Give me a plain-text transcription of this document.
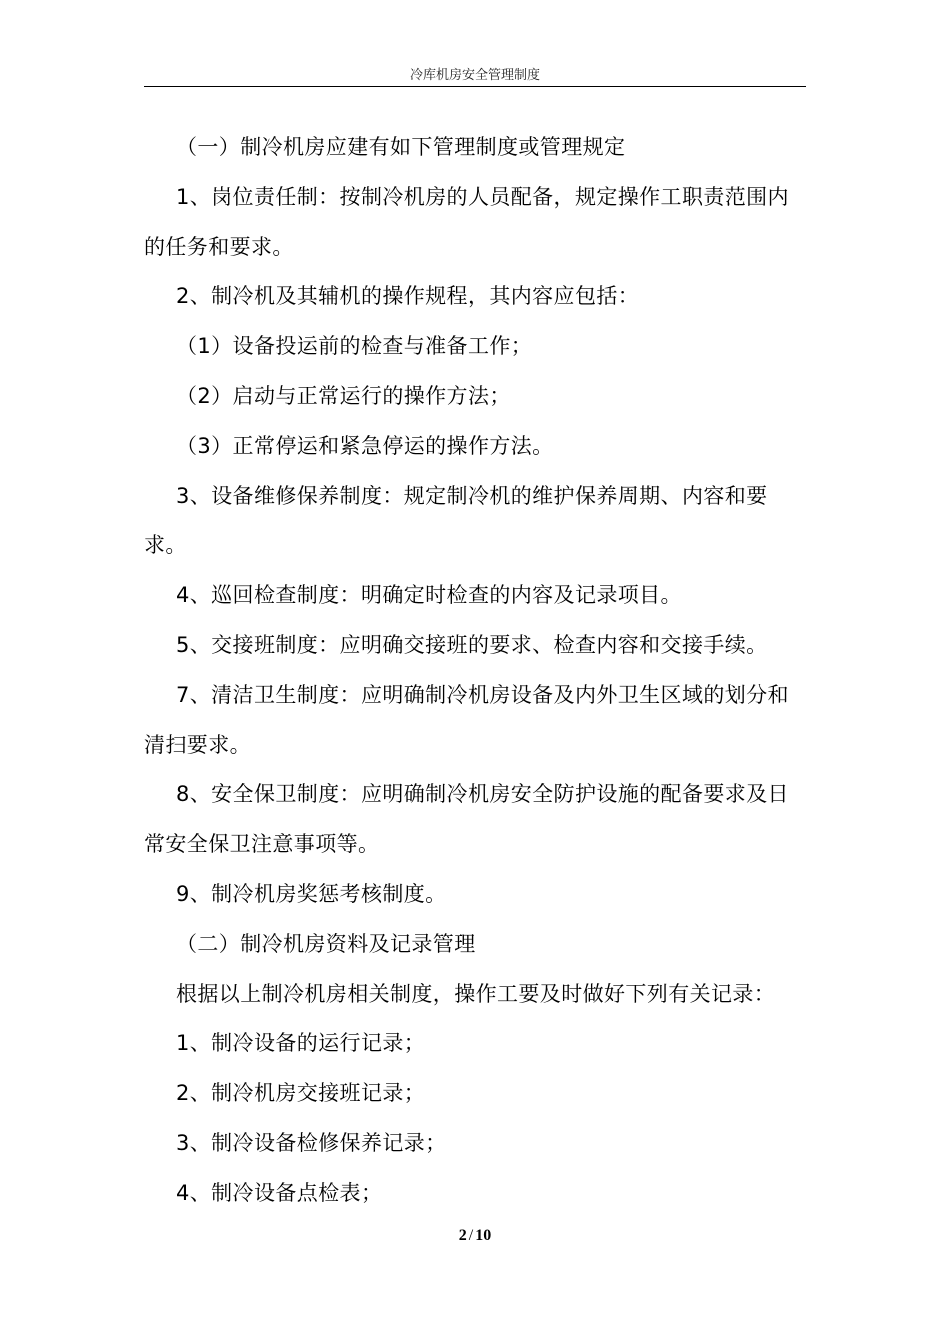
冷库机房安全管理制度

（一）制冷机房应建有如下管理制度或管理规定

1、岗位责任制：按制冷机房的人员配备，规定操作工职责范围内的任务和要求。

2、制冷机及其辅机的操作规程，其内容应包括：

（1）设备投运前的检查与准备工作；

（2）启动与正常运行的操作方法；

（3）正常停运和紧急停运的操作方法。

3、设备维修保养制度：规定制冷机的维护保养周期、内容和要求。

4、巡回检查制度：明确定时检查的内容及记录项目。

5、交接班制度：应明确交接班的要求、检查内容和交接手续。

7、清洁卫生制度：应明确制冷机房设备及内外卫生区域的划分和清扫要求。

8、安全保卫制度：应明确制冷机房安全防护设施的配备要求及日常安全保卫注意事项等。

9、制冷机房奖惩考核制度。

（二）制冷机房资料及记录管理

根据以上制冷机房相关制度，操作工要及时做好下列有关记录：

1、制冷设备的运行记录；

2、制冷机房交接班记录；

3、制冷设备检修保养记录；

4、制冷设备点检表；

2 / 10
